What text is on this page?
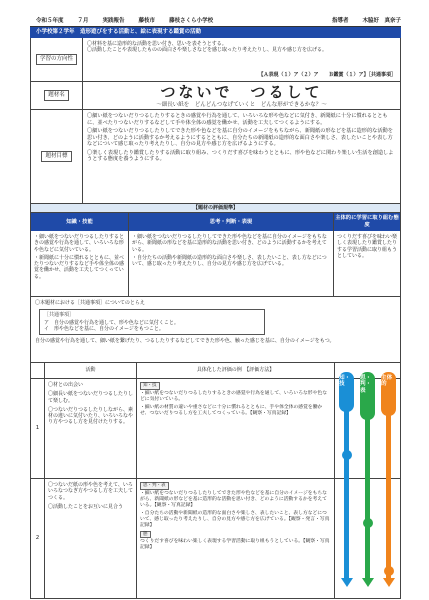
令和５年度	７月	実践報告	藤枝市	藤枝さくら小学校	指導者	木脇好　真奈子
小学校第２学年　造形遊びをする活動と、絵に表現する鑑賞の活動
学習の方向性

〇材料を基に造形的な活動を思い付き、思いを表そうとする。

〇活動したことや表現したものの面白さや楽しさなどを感じ取ったり考えたりし、見方や感じ方を広げる。

【Ａ表現（１）ア（２）ア　　Ｂ鑑賞（１）ア】［共通事項］
題材名	つないで　つるして
～細長い紙を　どんどんつなげていくと　どんな形ができるかな？～
題材目標

〇細い紙をつないだりつるしたりするときの感覚や行為を通して、いろいろな形や色などに気付き、新聞紙に十分に慣れるとともに、並べたりつないだりするなどして手や体全体の感覚を働かせ、活動を工夫してつくるようにする。

〇細い紙をつないだりつるしたりしてできた形や色などを基に自分のイメージをもちながら、新聞紙の形などを基に造形的な活動を思い付き、どのように活動するか考えるようにするとともに、自分たちの新聞紙の造形的な面白さや楽しさ、表したいことや表し方などについて感じ取ったり考えたりし、自分の見方や感じ方を広げるようにする。

〇楽しく表現したり鑑賞したりする活動に取り組み、つくりだす喜びを味わうとともに、形や色などに関わり楽しい生活を創造しようとする態度を養うようにする。

【題材の評価規準】
知識・技能	思考・判断・表現
主体的に学習に取り組む態度

・細い紙をつないだりつるしたりするときの感覚や行為を通して、いろいろな形や色などに気付いている。

・新聞紙に十分に慣れるとともに、並べたりつないだりするなど手や体全体の感覚を働かせ、活動を工夫してつくっている。

・細い紙をつないだりつるしたりしてできた形や色などを基に自分のイメージをもちながら、新聞紙の形などを基に造形的な活動を思い付き、どのように活動するかを考えている。

・自分たちの活動や新聞紙の造形的な面白さや楽しさ、表したいこと、表し方などについて、感じ取ったり考えたりし、自分の見方や感じ方を広げている。

つくりだす喜びを味わい楽しく表現したり鑑賞したりする学習活動に取り組もうとしている。

〇本題材における［共通事項］についてのとらえ
［共通事項］
ア　自分の感覚や行為を通して、形や色などに気付くこと。
イ　形や色などを基に、自分のイメージをもつこと。
自分の感覚や行為を通して、細い紙を繋げたり、つるしたりするなどしてできた形や色、触った感じを基に、自分のイメージをもつ。
活動	具体化した評価の例　【評価方法】
1

〇材との出会い

〇細長い紙をつないだりつるしたりして楽しむ。

〇つないだりつるしたりしながら、素材の違いに気付いたり、いろいろなやり方やつるし方を見付けたりする。

知・技

・細い紙をつないだりつるしたりするときの感覚や行為を通して、いろいろな形や色などに気付いている。

・細い紙の材質の違いや重さなどに十分に慣れるとともに、手や体全体の感覚を働かせ、つないだりつるし方を工夫してつくっている。【観察・写真記録】

2

〇つないだ紙の形や色を考えて、いろいろなつなぎ方やつるし方を工夫してつくる。

〇活動したことをお互いに見合う

思・判・表

・細い紙をつないだりつるしたりしてできた形や色などを基に自分のイメージをもちながら、新聞紙の形などを基に造形的な活動を思い付き、どのように活動するかを考えている。【観察・写真記録】

・自分たちの活動や新聞紙の造形的な面白さや楽しさ、表したいこと、表し方などについて、感じ取ったり考えたりし、自分の見方や感じ方を広げている。【観察・発言・写真記録】

態

つくりだす喜びを味わい楽しく表現する学習活動に取り組もうとしている。【観察・写真記録】

知・技
思・判・表
主体的
